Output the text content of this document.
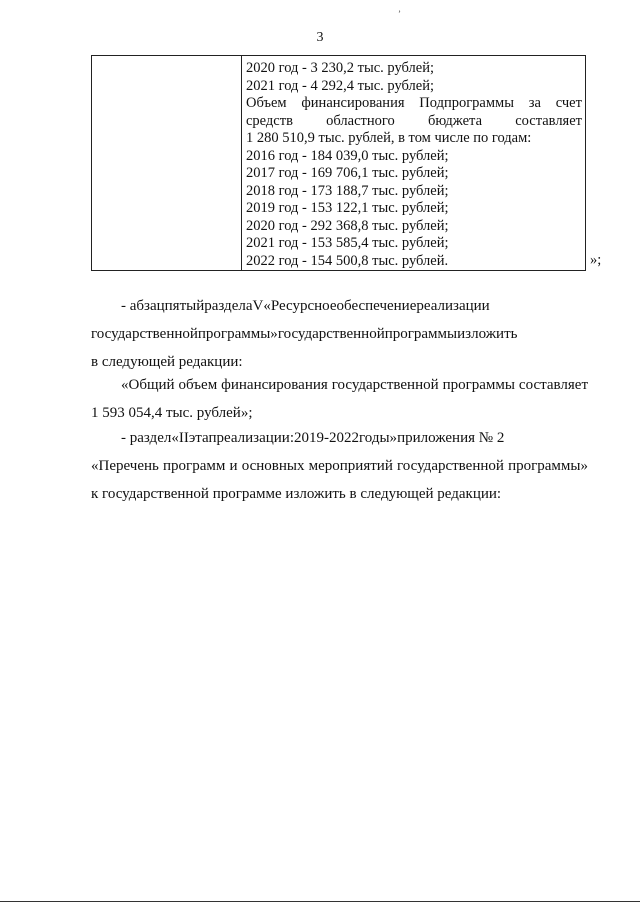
3
’
2020 год - 3 230,2 тыс. рублей;
2021 год - 4 292,4 тыс. рублей;
Объем финансирования Подпрограммы за счет
средств областного бюджета составляет
1 280 510,9 тыс. рублей, в том числе по годам:
2016 год - 184 039,0 тыс. рублей;
2017 год - 169 706,1 тыс. рублей;
2018 год - 173 188,7 тыс. рублей;
2019 год - 153 122,1 тыс. рублей;
2020 год - 292 368,8 тыс. рублей;
2021 год - 153 585,4 тыс. рублей;
2022 год - 154 500,8 тыс. рублей.	»;
- абзац пятый раздела V «Ресурсное обеспечение реализации
государственной программы» государственной программы изложить
в следующей редакции:
«Общий объем финансирования государственной программы составляет
1 593 054,4 тыс. рублей»;
- раздел «II этап реализации: 2019-2022 годы» приложения № 2
«Перечень программ и основных мероприятий государственной программы»
к государственной программе изложить в следующей редакции:
